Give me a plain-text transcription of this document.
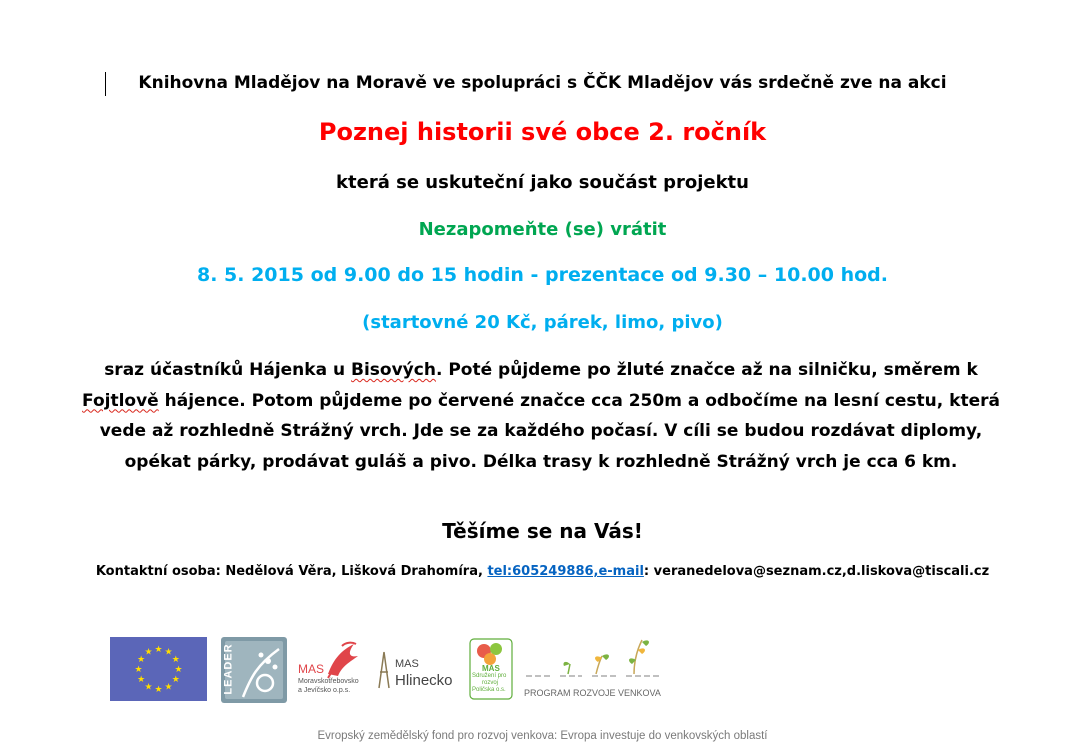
Knihovna Mladějov na Moravě ve spolupráci s ČČK Mladějov vás srdečně zve na akci
Poznej historii své obce 2. ročník
která se uskuteční jako součást projektu
Nezapomeňte (se) vrátit
8. 5. 2015 od 9.00 do 15 hodin - prezentace od 9.30 – 10.00 hod.
(startovné 20 Kč, párek, limo, pivo)
sraz účastníků Hájenka u Bisových. Poté půjdeme po žluté značce až na silničku, směrem k Fojtlově hájence. Potom půjdeme po červené značce cca 250m a odbočíme na lesní cestu, která vede až rozhledně Strážný vrch. Jde se za každého počasí. V cíli se budou rozdávat diplomy, opékat párky, prodávat guláš a pivo. Délka trasy k rozhledně Strážný vrch je cca 6 km.
Těšíme se na Vás!
Kontaktní osoba: Nedělová Věra, Lišková Drahomíra, tel:605249886,e-mail: veranedelova@seznam.cz,d.liskova@tiscali.cz
★ ★
★
★
★
★
★
★
★
★
★
★	LEADER	MAS
Moravskotřebovsko
a Jevíčsko o.p.s.
MAS
Hlinecko
MAS
Sdružení pro
rozvoj
Poličska o.s. PROGRAM ROZVOJE VENKOVA
Evropský zemědělský fond pro rozvoj venkova: Evropa investuje do venkovských oblastí
